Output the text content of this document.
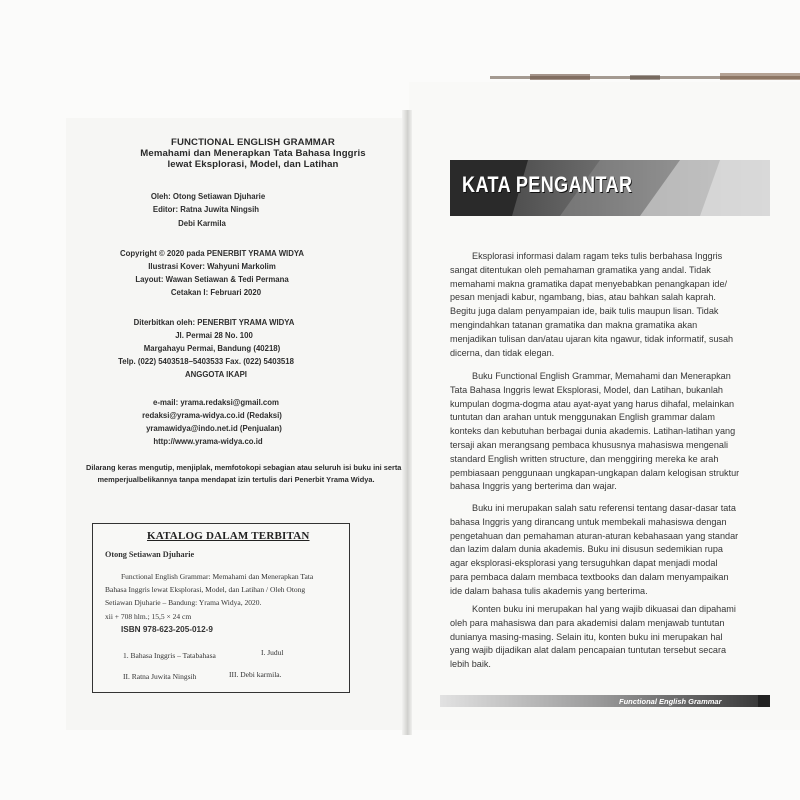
FUNCTIONAL ENGLISH GRAMMAR
Memahami dan Menerapkan Tata Bahasa Inggris
lewat Eksplorasi, Model, dan Latihan
Oleh: Otong Setiawan Djuharie
Editor: Ratna Juwita Ningsih
Debi Karmila
Copyright © 2020 pada PENERBIT YRAMA WIDYA
Ilustrasi Kover: Wahyuni Markolim
Layout: Wawan Setiawan & Tedi Permana
Cetakan I: Februari 2020
Diterbitkan oleh: PENERBIT YRAMA WIDYA
Jl. Permai 28 No. 100
Margahayu Permai, Bandung (40218)
Telp. (022) 5403518–5403533 Fax. (022) 5403518
ANGGOTA IKAPI
e-mail: yrama.redaksi@gmail.com
redaksi@yrama-widya.co.id (Redaksi)
yramawidya@indo.net.id (Penjualan)
http://www.yrama-widya.co.id
Dilarang keras mengutip, menjiplak, memfotokopi sebagian atau seluruh isi buku ini serta
memperjualbelikannya tanpa mendapat izin tertulis dari Penerbit Yrama Widya.
KATALOG DALAM TERBITAN
Otong Setiawan Djuharie
Functional English Grammar: Memahami dan Menerapkan Tata
Bahasa Inggris lewat Eksplorasi, Model, dan Latihan / Oleh Otong
Setiawan Djuharie – Bandung: Yrama Widya, 2020.
xii + 708 hlm.; 15,5 × 24 cm
ISBN 978-623-205-012-9
1. Bahasa Inggris – Tatabahasa	I. Judul
II. Ratna Juwita Ningsih	III. Debi karmila.
KATA PENGANTAR
Eksplorasi informasi dalam ragam teks tulis berbahasa Inggris
sangat ditentukan oleh pemahaman gramatika yang andal. Tidak
memahami makna gramatika dapat menyebabkan penangkapan ide/
pesan menjadi kabur, ngambang, bias, atau bahkan salah kaprah.
Begitu juga dalam penyampaian ide, baik tulis maupun lisan. Tidak
mengindahkan tatanan gramatika dan makna gramatika akan
menjadikan tulisan dan/atau ujaran kita ngawur, tidak informatif, susah
dicerna, dan tidak elegan.
Buku Functional English Grammar, Memahami dan Menerapkan
Tata Bahasa Inggris lewat Eksplorasi, Model, dan Latihan, bukanlah
kumpulan dogma-dogma atau ayat-ayat yang harus dihafal, melainkan
tuntutan dan arahan untuk menggunakan English grammar dalam
konteks dan kebutuhan berbagai dunia akademis. Latihan-latihan yang
tersaji akan merangsang pembaca khususnya mahasiswa mengenali
standard English written structure, dan menggiring mereka ke arah
pembiasaan penggunaan ungkapan-ungkapan dalam kelogisan struktur
bahasa Inggris yang berterima dan wajar.
Buku ini merupakan salah satu referensi tentang dasar-dasar tata
bahasa Inggris yang dirancang untuk membekali mahasiswa dengan
pengetahuan dan pemahaman aturan-aturan kebahasaan yang standar
dan lazim dalam dunia akademis. Buku ini disusun sedemikian rupa
agar eksplorasi-eksplorasi yang tersuguhkan dapat menjadi modal
para pembaca dalam membaca textbooks dan dalam menyampaikan
ide dalam bahasa tulis akademis yang berterima.
Konten buku ini merupakan hal yang wajib dikuasai dan dipahami
oleh para mahasiswa dan para akademisi dalam menjawab tuntutan
dunianya masing-masing. Selain itu, konten buku ini merupakan hal
yang wajib dijadikan alat dalam pencapaian tuntutan tersebut secara
lebih baik.
Functional English Grammar
